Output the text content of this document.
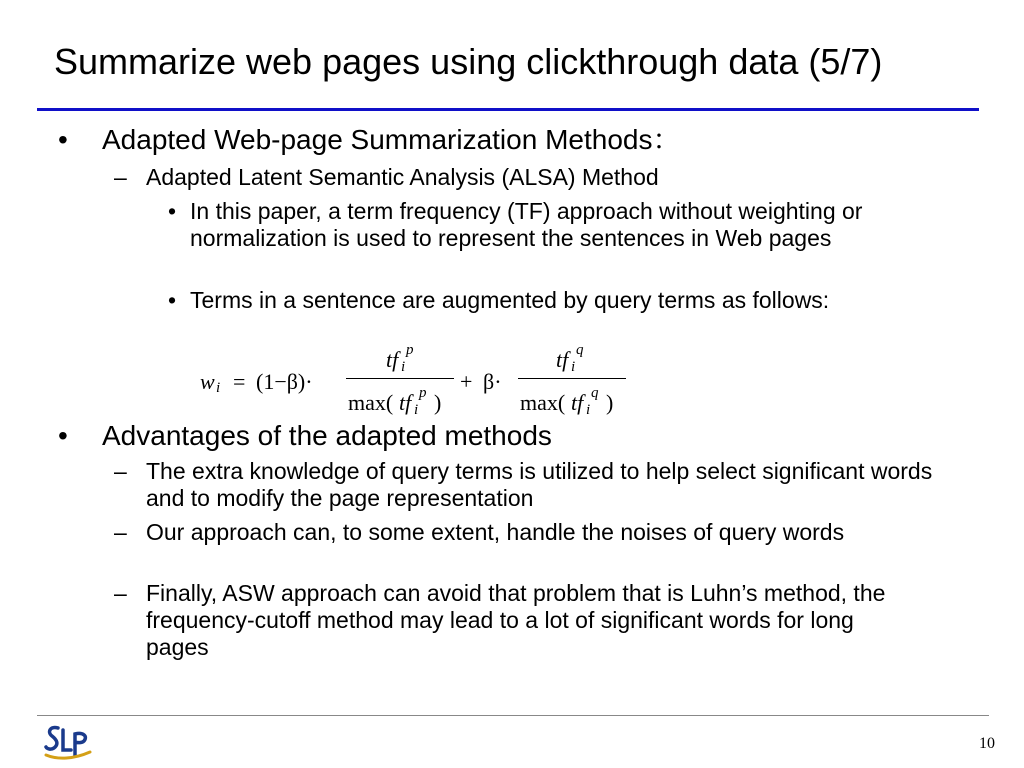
Summarize web pages using clickthrough data (5/7)
• Adapted Web-page Summarization Methods：
– Adapted Latent Semantic Analysis (ALSA) Method
• In this paper, a term frequency (TF) approach without weighting or normalization is used to represent the sentences in Web pages
• Terms in a sentence are augmented by query terms as follows:
w i = (1−β)·
tf i
p
max( tf i
p )
+ β·
tf i
q
max( tf i
q )
• Advantages of the adapted methods
– The extra knowledge of query terms is utilized to help select significant words and to modify the page representation
– Our approach can, to some extent, handle the noises of query words
– Finally, ASW approach can avoid that problem that is Luhn’s method, the frequency-cutoff method may lead to a lot of significant words for long pages
10
